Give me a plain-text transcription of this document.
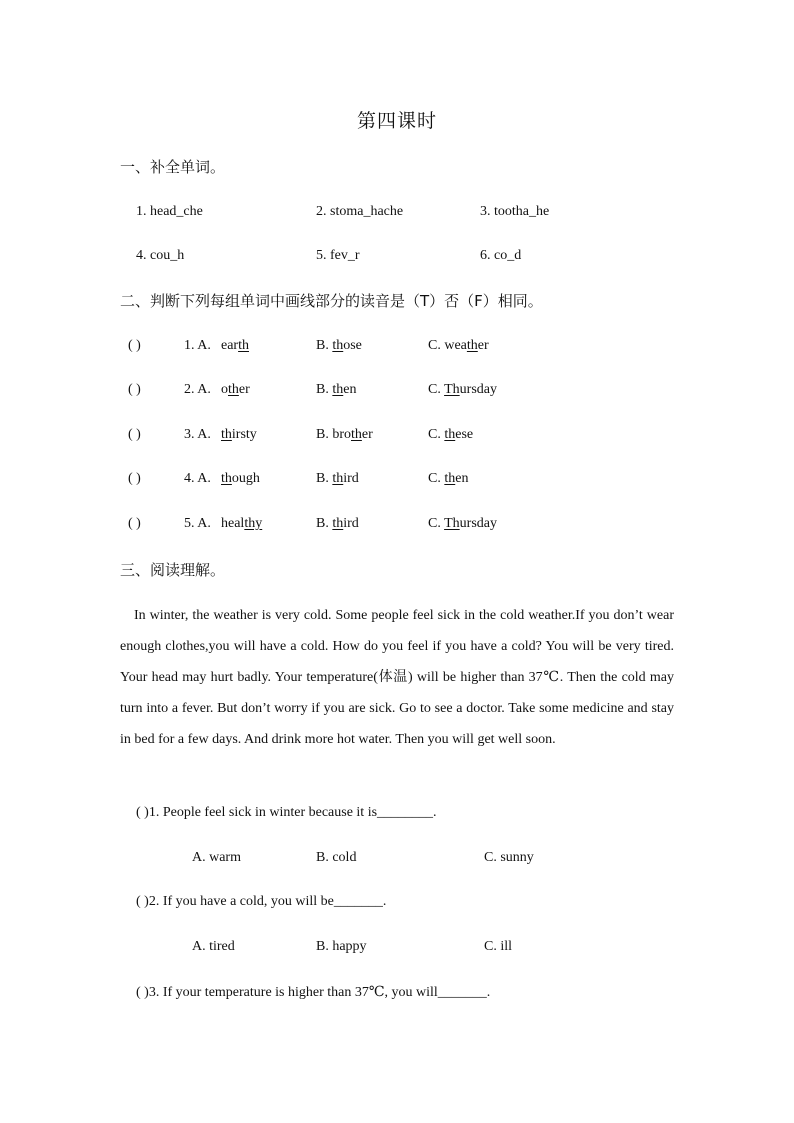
第四课时
一、补全单词。
1. head_che	2. stoma_hache	3. tootha_he
4. cou_h	5. fev_r	6. co_d
二、判断下列每组单词中画线部分的读音是（T）否（F）相同。
( )	1. A. earth	B. those	C. weather
( )	2. A. other	B. then	C. Thursday
( )	3. A. thirsty	B. brother	C. these
( )	4. A. though	B. third	C. then
( )	5. A. healthy	B. third	C. Thursday
三、阅读理解。

In winter, the weather is very cold. Some people feel sick in the cold weather.If you don’t wear enough clothes,you will have a cold. How do you feel if you have a cold? You will be very tired. Your head may hurt badly. Your temperature(体温) will be higher than 37℃. Then the cold may turn into a fever. But don’t worry if you are sick. Go to see a doctor. Take some medicine and stay in bed for a few days. And drink more hot water. Then you will get well soon.

( )1. People feel sick in winter because it is________.
A. warm	B. cold	C. sunny
( )2. If you have a cold, you will be_______.
A. tired	B. happy	C. ill
( )3. If your temperature is higher than 37℃, you will_______.
